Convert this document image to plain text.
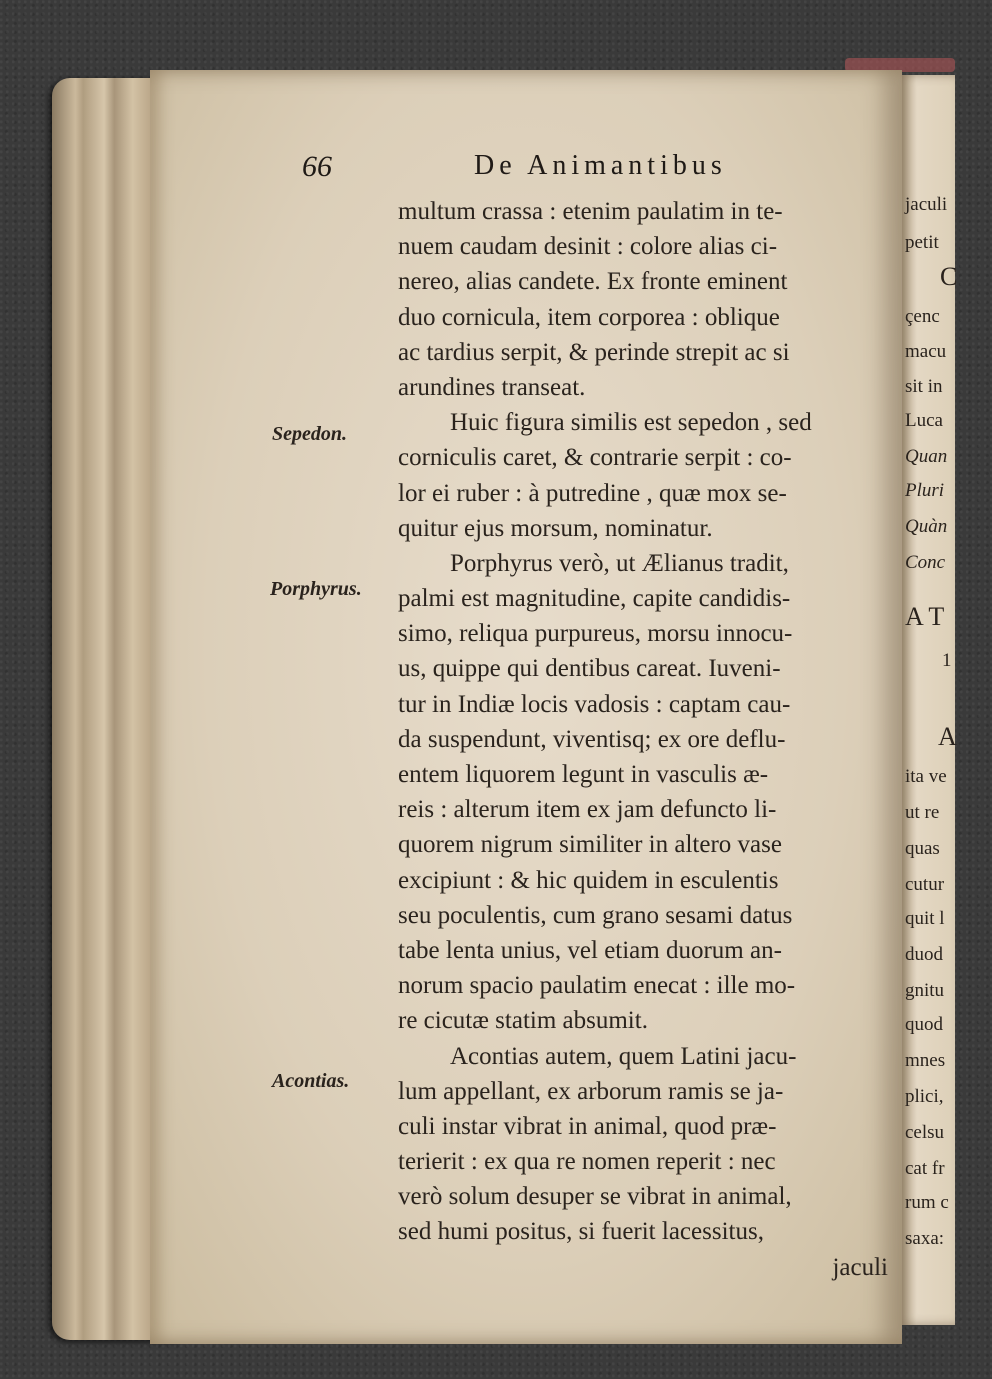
66	De Animantibus
Sepedon.
Porphyrus.
Acontias.
multum crassa : etenim paulatim in te-
nuem caudam desinit : colore alias ci-
nereo, alias candete. Ex fronte eminent
duo cornicula, item corporea : oblique
ac tardius serpit, & perinde strepit ac si
arundines transeat.
Huic figura similis est sepedon , sed
corniculis caret, & contrarie serpit : co-
lor ei ruber : à putredine , quæ mox se-
quitur ejus morsum, nominatur.
Porphyrus verò, ut Ælianus tradit,
palmi est magnitudine, capite candidis-
simo, reliqua purpureus, morsu innocu-
us, quippe qui dentibus careat. Iuveni-
tur in Indiæ locis vadosis : captam cau-
da suspendunt, viventisq; ex ore deflu-
entem liquorem legunt in vasculis æ-
reis : alterum item ex jam defuncto li-
quorem nigrum similiter in altero vase
excipiunt : & hic quidem in esculentis
seu poculentis, cum grano sesami datus
tabe lenta unius, vel etiam duorum an-
norum spacio paulatim enecat : ille mo-
re cicutæ statim absumit.
Acontias autem, quem Latini jacu-
lum appellant, ex arborum ramis se ja-
culi instar vibrat in animal, quod præ-
terierit : ex qua re nomen reperit : nec
verò solum desuper se vibrat in animal,
sed humi positus, si fuerit lacessitus,
jaculi
jaculi
petit
C
çenc
macu
sit in
Luca
Quan
Pluri
Quàn
Conc
A T
1
A
ita ve
ut re
quas
cutur
quit l
duod
gnitu
quod
mnes
plici,
celsu
cat fr
rum c
saxa:
